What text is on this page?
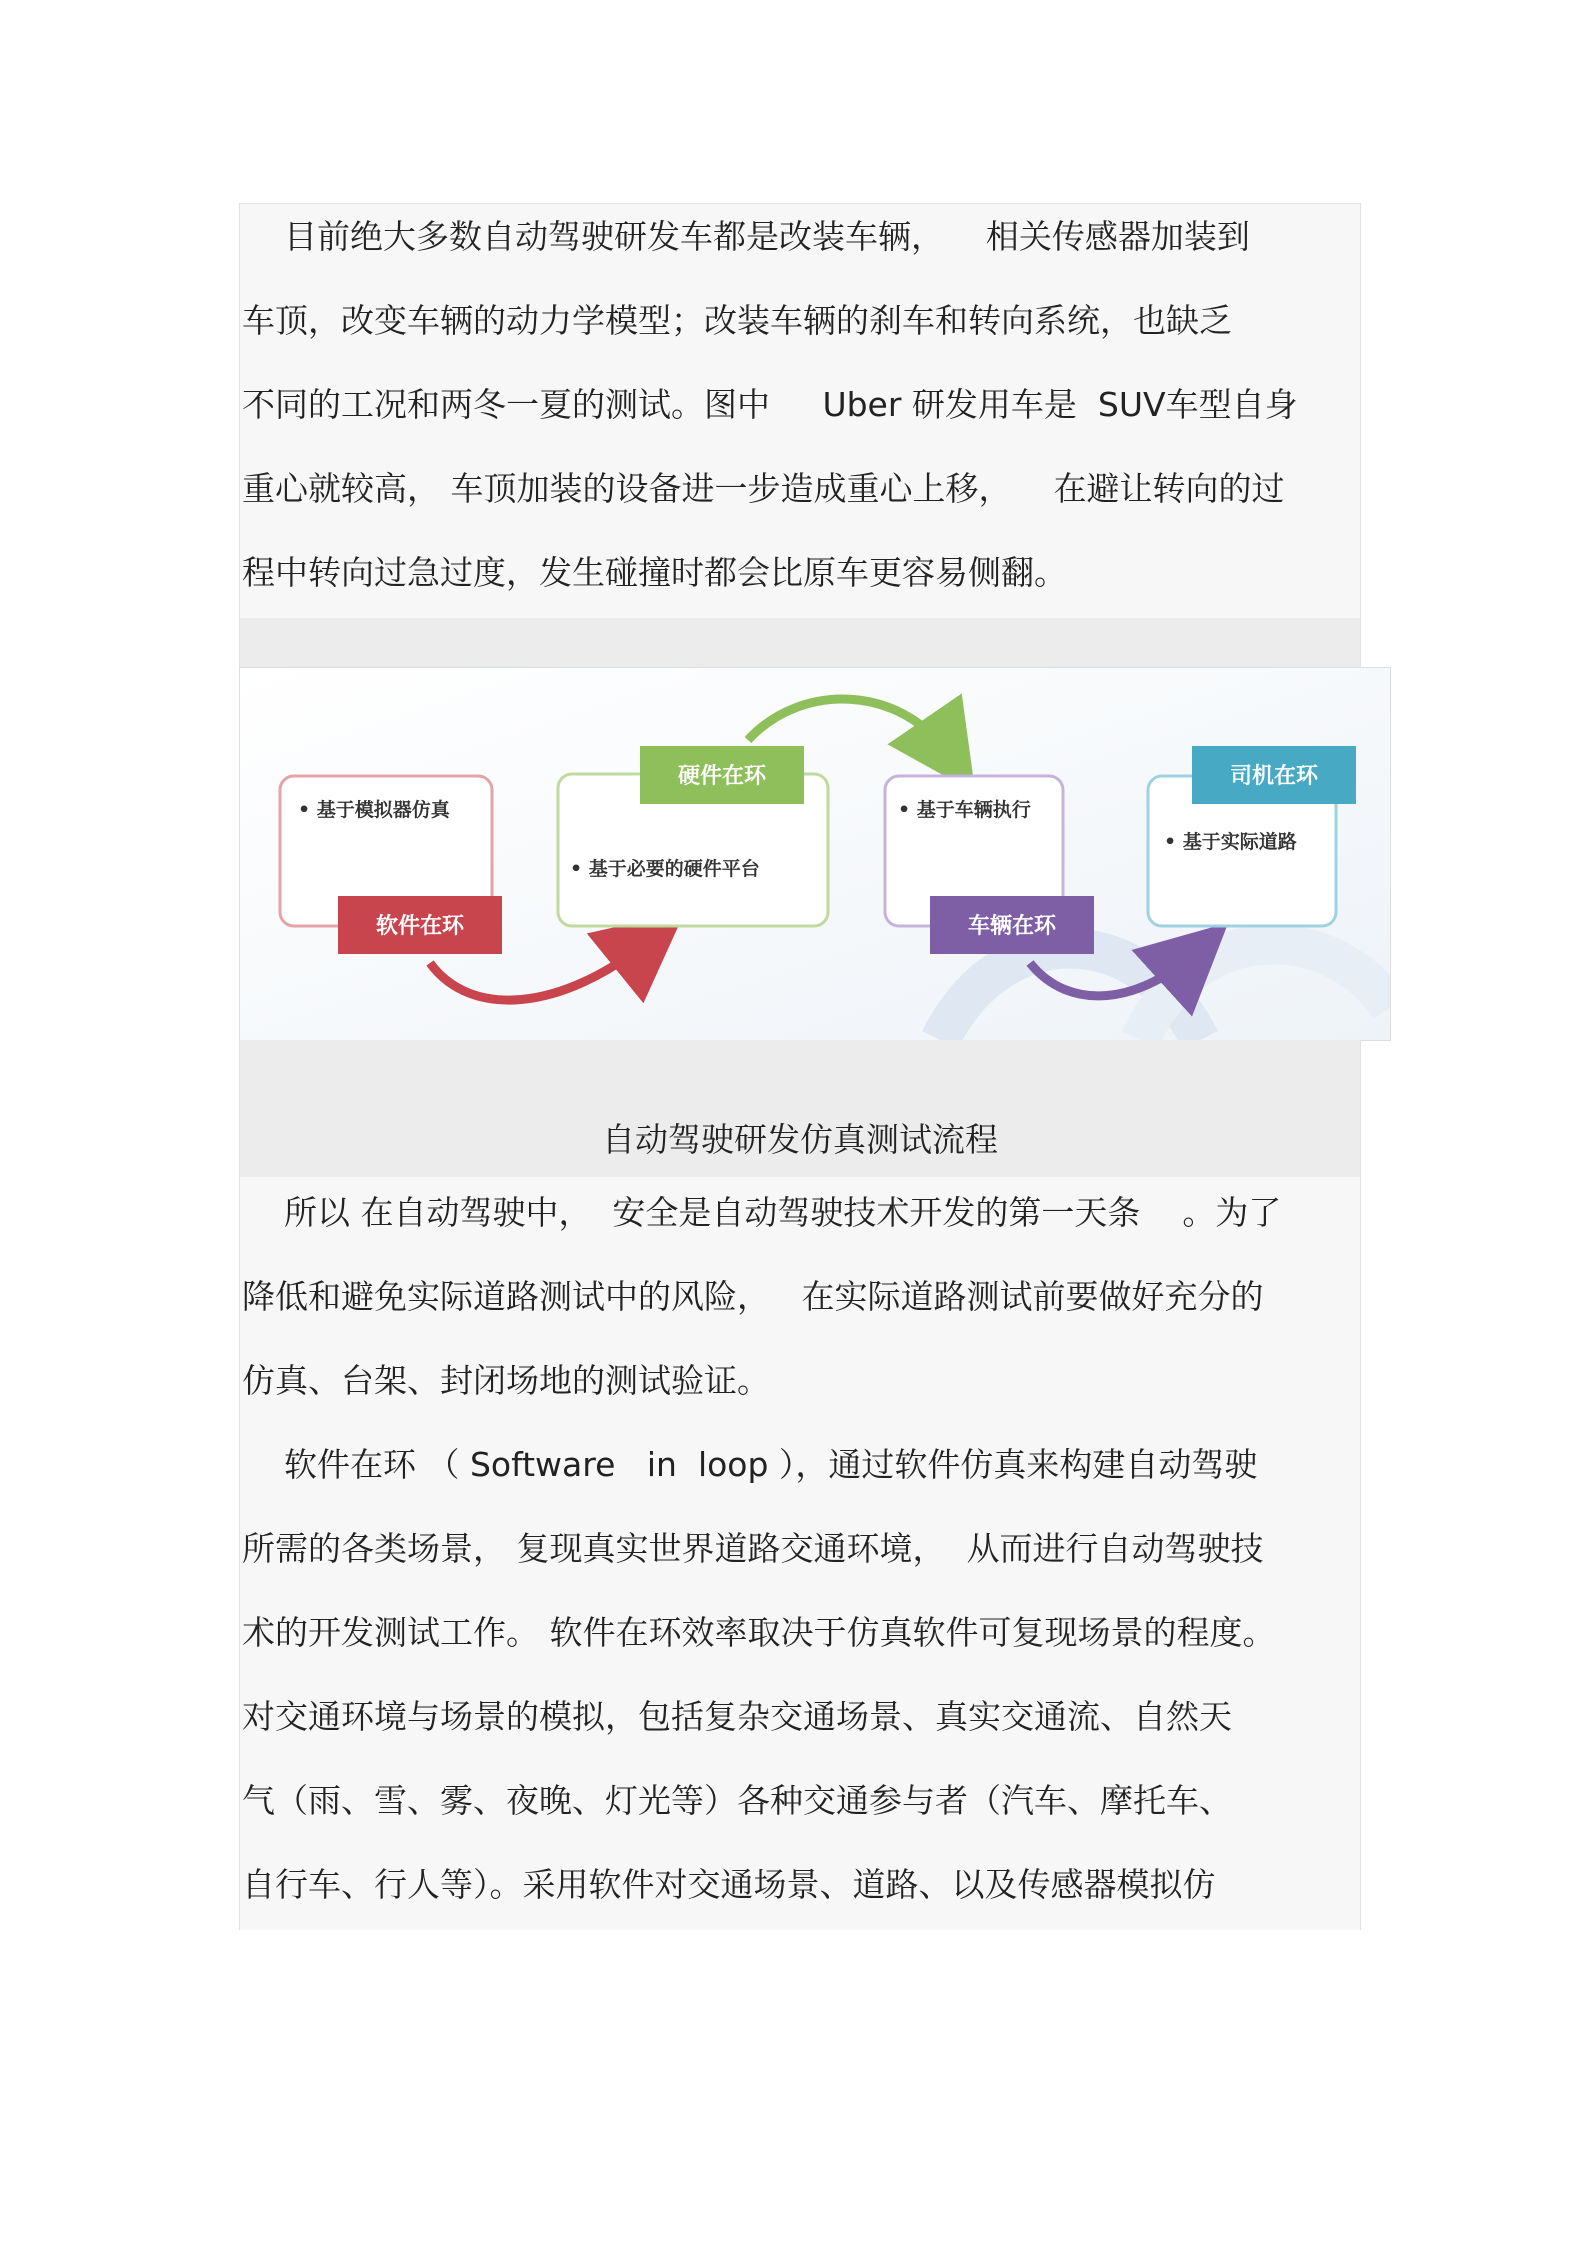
目前绝大多数自动驾驶研发车都是改装车辆，    相关传感器加装到
车顶，改变车辆的动力学模型；改装车辆的刹车和转向系统，也缺乏
不同的工况和两冬一夏的测试。图中     Uber 研发用车是  SUV车型自身
重心就较高， 车顶加装的设备进一步造成重心上移，    在避让转向的过
程中转向过急过度，发生碰撞时都会比原车更容易侧翻。
• 基于模拟器仿真
软件在环
硬件在环
• 基于必要的硬件平台
• 基于车辆执行
车辆在环
司机在环
• 基于实际道路
自动驾驶研发仿真测试流程
所以 在自动驾驶中，  安全是自动驾驶技术开发的第一天条    。为了
降低和避免实际道路测试中的风险，   在实际道路测试前要做好充分的
仿真、台架、封闭场地的测试验证。
软件在环 （ Software   in  loop ），通过软件仿真来构建自动驾驶
所需的各类场景， 复现真实世界道路交通环境，  从而进行自动驾驶技
术的开发测试工作。 软件在环效率取决于仿真软件可复现场景的程度。
对交通环境与场景的模拟，包括复杂交通场景、真实交通流、自然天
气（雨、雪、雾、夜晚、灯光等）各种交通参与者（汽车、摩托车、
自行车、行人等）。采用软件对交通场景、道路、以及传感器模拟仿
